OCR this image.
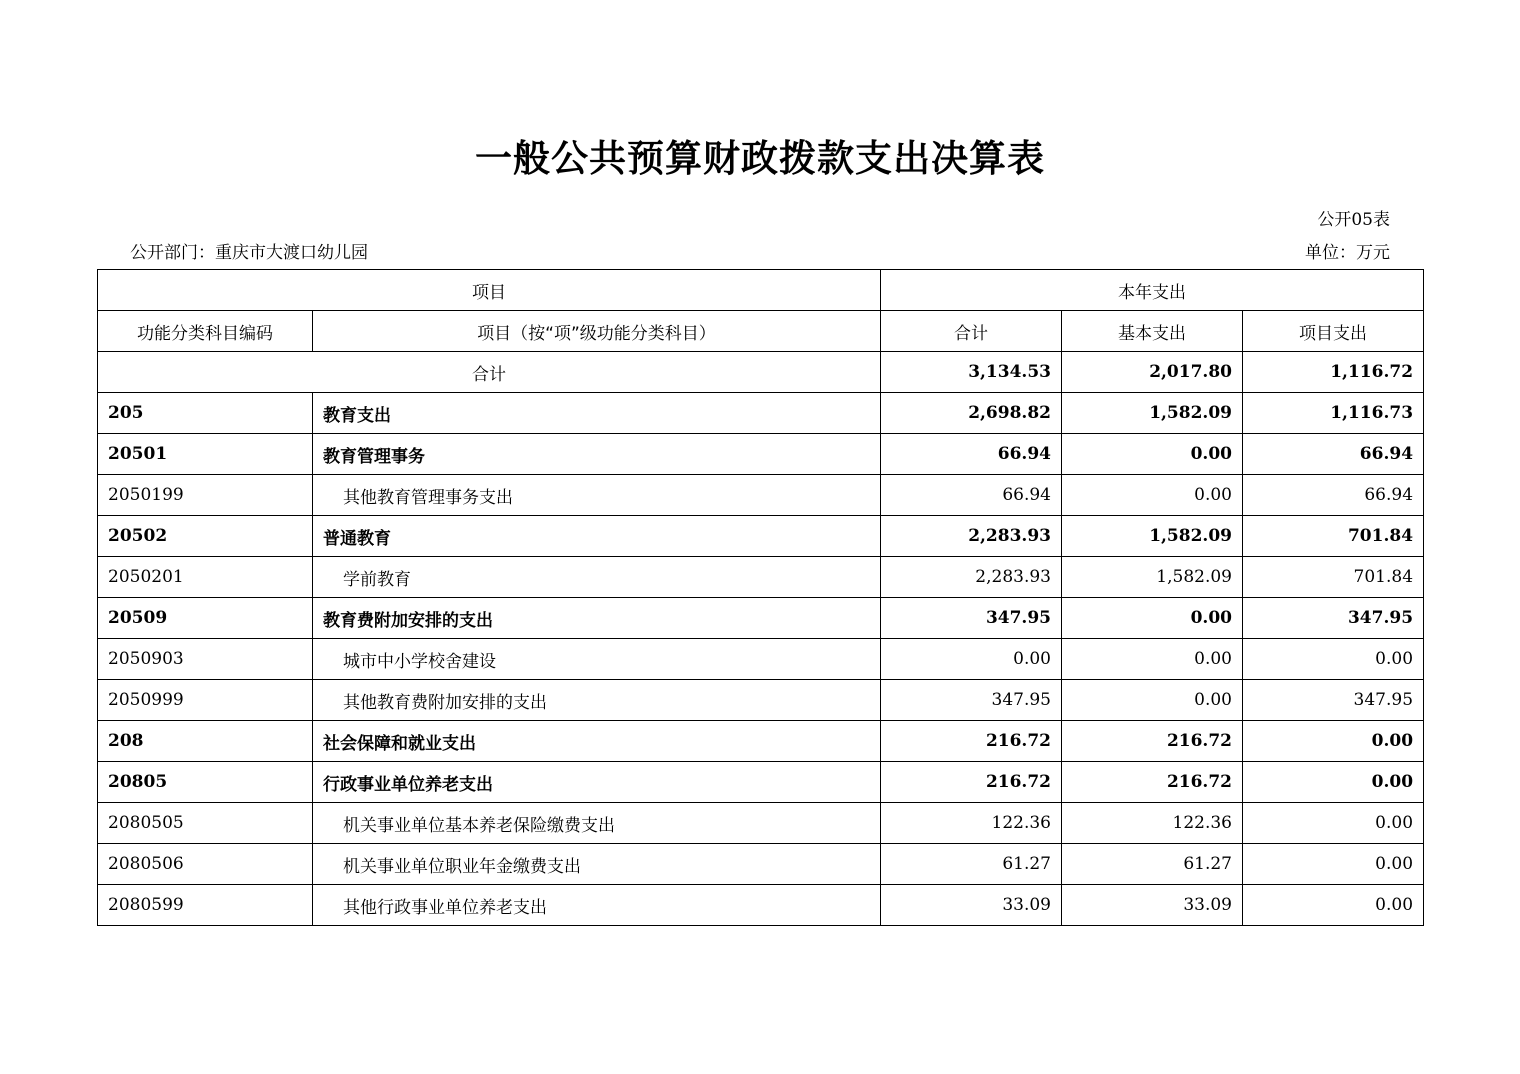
一般公共预算财政拨款支出决算表
公开05表
公开部门：重庆市大渡口幼儿园	单位：万元
项目		本年支出		
功能分类科目编码	项目（按“项”级功能分类科目）	合计	基本支出	项目支出
合计		3,134.53	2,017.80	1,116.72
205	教育支出	2,698.82	1,582.09	1,116.73
20501	教育管理事务	66.94	0.00	66.94
2050199	其他教育管理事务支出	66.94	0.00	66.94
20502	普通教育	2,283.93	1,582.09	701.84
2050201	学前教育	2,283.93	1,582.09	701.84
20509	教育费附加安排的支出	347.95	0.00	347.95
2050903	城市中小学校舍建设	0.00	0.00	0.00
2050999	其他教育费附加安排的支出	347.95	0.00	347.95
208	社会保障和就业支出	216.72	216.72	0.00
20805	行政事业单位养老支出	216.72	216.72	0.00
2080505	机关事业单位基本养老保险缴费支出	122.36	122.36	0.00
2080506	机关事业单位职业年金缴费支出	61.27	61.27	0.00
2080599	其他行政事业单位养老支出	33.09	33.09	0.00
